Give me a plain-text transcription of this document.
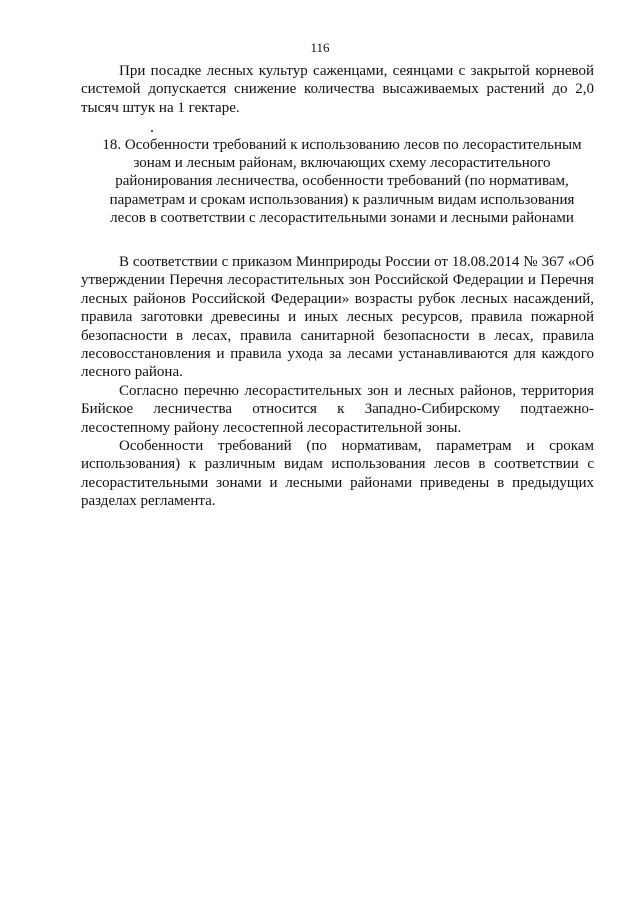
116

При посадке лесных культур саженцами, сеянцами с закрытой корневой системой допускается снижение количества высаживаемых растений до 2,0 тысяч штук на 1 гектаре.

18. Особенности требований к использованию лесов по лесорастительным зонам и лесным районам, включающих схему лесорастительного районирования лесничества, особенности требований (по нормативам, параметрам и срокам использования) к различным видам использования лесов в соответствии с лесорастительными зонами и лесными районами

В соответствии с приказом Минприроды России от 18.08.2014 № 367 «Об утверждении Перечня лесорастительных зон Российской Федерации и Перечня лесных районов Российской Федерации» возрасты рубок лесных насаждений, правила заготовки древесины и иных лесных ресурсов, правила пожарной безопасности в лесах, правила санитарной безопасности в лесах, правила лесовосстановления и правила ухода за лесами устанавливаются для каждого лесного района.

Согласно перечню лесорастительных зон и лесных районов, территория Бийское лесничества относится к Западно-Сибирскому подтаежно-лесостепному району лесостепной лесорастительной зоны.

Особенности требований (по нормативам, параметрам и срокам использования) к различным видам использования лесов в соответствии с лесорастительными зонами и лесными районами приведены в предыдущих разделах регламента.
